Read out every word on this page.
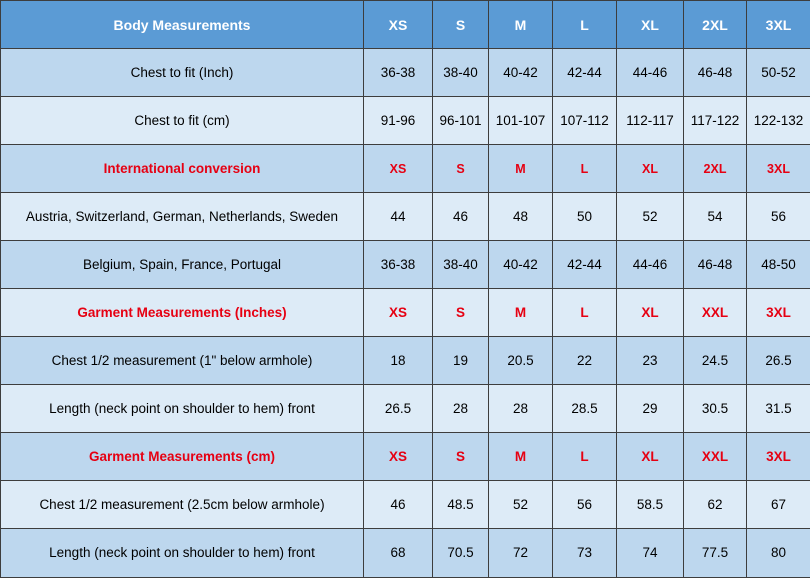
Body Measurements	XS	S	M	L	XL	2XL	3XL
Chest to fit (Inch)	36-38	38-40	40-42	42-44	44-46	46-48	50-52
Chest to fit (cm)	91-96	96-101	101-107	107-112	112-117	117-122	122-132
International conversion	XS	S	M	L	XL	2XL	3XL
Austria, Switzerland, German, Netherlands, Sweden	44	46	48	50	52	54	56
Belgium, Spain, France, Portugal	36-38	38-40	40-42	42-44	44-46	46-48	48-50
Garment Measurements (Inches)	XS	S	M	L	XL	XXL	3XL
Chest 1/2 measurement (1" below armhole)	18	19	20.5	22	23	24.5	26.5
Length (neck point on shoulder to hem) front	26.5	28	28	28.5	29	30.5	31.5
Garment Measurements (cm)	XS	S	M	L	XL	XXL	3XL
Chest 1/2 measurement (2.5cm below armhole)	46	48.5	52	56	58.5	62	67
Length (neck point on shoulder to hem) front	68	70.5	72	73	74	77.5	80
